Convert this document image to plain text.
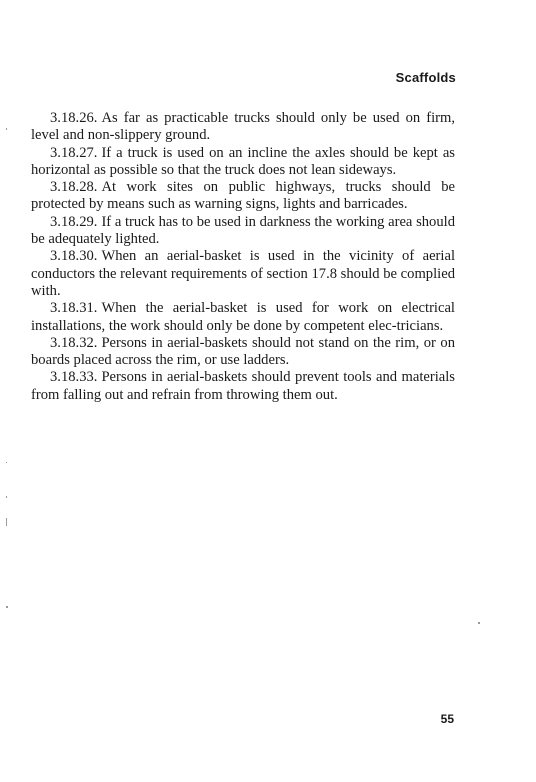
Scaffolds

3.18.26. As far as practicable trucks should only be used on firm, level and non-slippery ground.

3.18.27. If a truck is used on an incline the axles should be kept as horizontal as possible so that the truck does not lean sideways.

3.18.28. At work sites on public highways, trucks should be protected by means such as warning signs, lights and barricades.

3.18.29. If a truck has to be used in darkness the working area should be adequately lighted.

3.18.30. When an aerial-basket is used in the vicinity of aerial conductors the relevant requirements of section 17.8 should be complied with.

3.18.31. When the aerial-basket is used for work on electrical installations, the work should only be done by competent elec-tricians.

3.18.32. Persons in aerial-baskets should not stand on the rim, or on boards placed across the rim, or use ladders.

3.18.33. Persons in aerial-baskets should prevent tools and materials from falling out and refrain from throwing them out.

55
